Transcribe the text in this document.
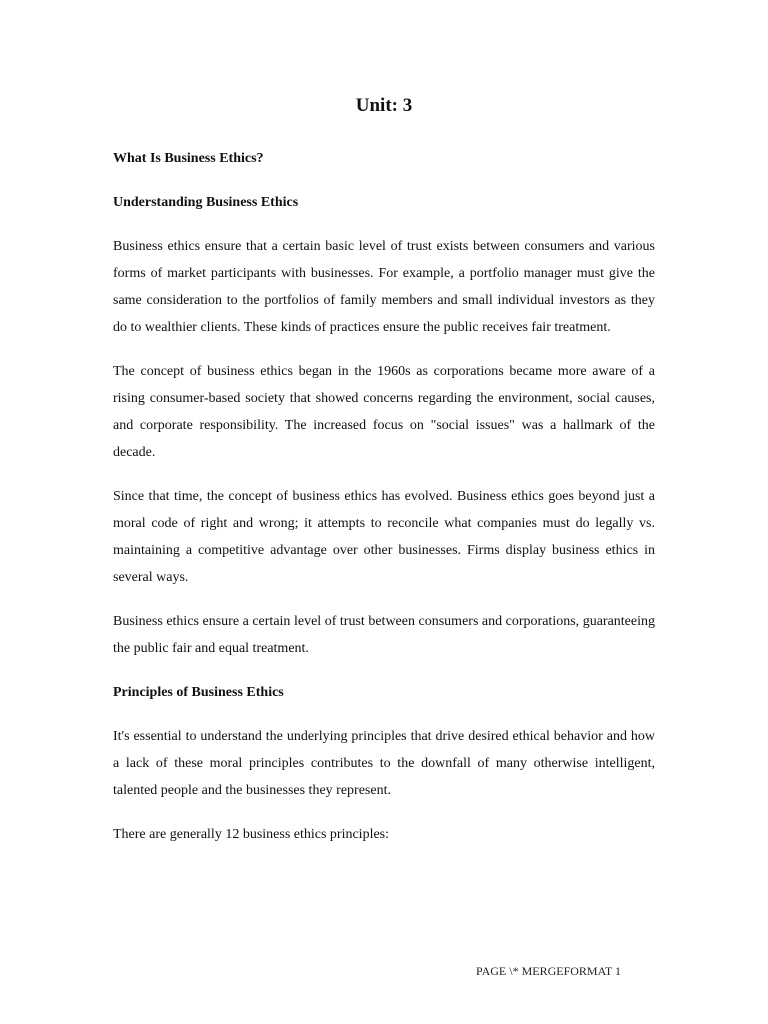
Unit: 3

What Is Business Ethics?

Understanding Business Ethics

Business ethics ensure that a certain basic level of trust exists between consumers and various forms of market participants with businesses. For example, a portfolio manager must give the same consideration to the portfolios of family members and small individual investors as they do to wealthier clients. These kinds of practices ensure the public receives fair treatment.

The concept of business ethics began in the 1960s as corporations became more aware of a rising consumer-based society that showed concerns regarding the environment, social causes, and corporate responsibility. The increased focus on "social issues" was a hallmark of the decade.

Since that time, the concept of business ethics has evolved. Business ethics goes beyond just a moral code of right and wrong; it attempts to reconcile what companies must do legally vs. maintaining a competitive advantage over other businesses. Firms display business ethics in several ways.

Business ethics ensure a certain level of trust between consumers and corporations, guaranteeing the public fair and equal treatment.

Principles of Business Ethics

It's essential to understand the underlying principles that drive desired ethical behavior and how a lack of these moral principles contributes to the downfall of many otherwise intelligent, talented people and the businesses they represent.

There are generally 12 business ethics principles:

PAGE \* MERGEFORMAT 1
